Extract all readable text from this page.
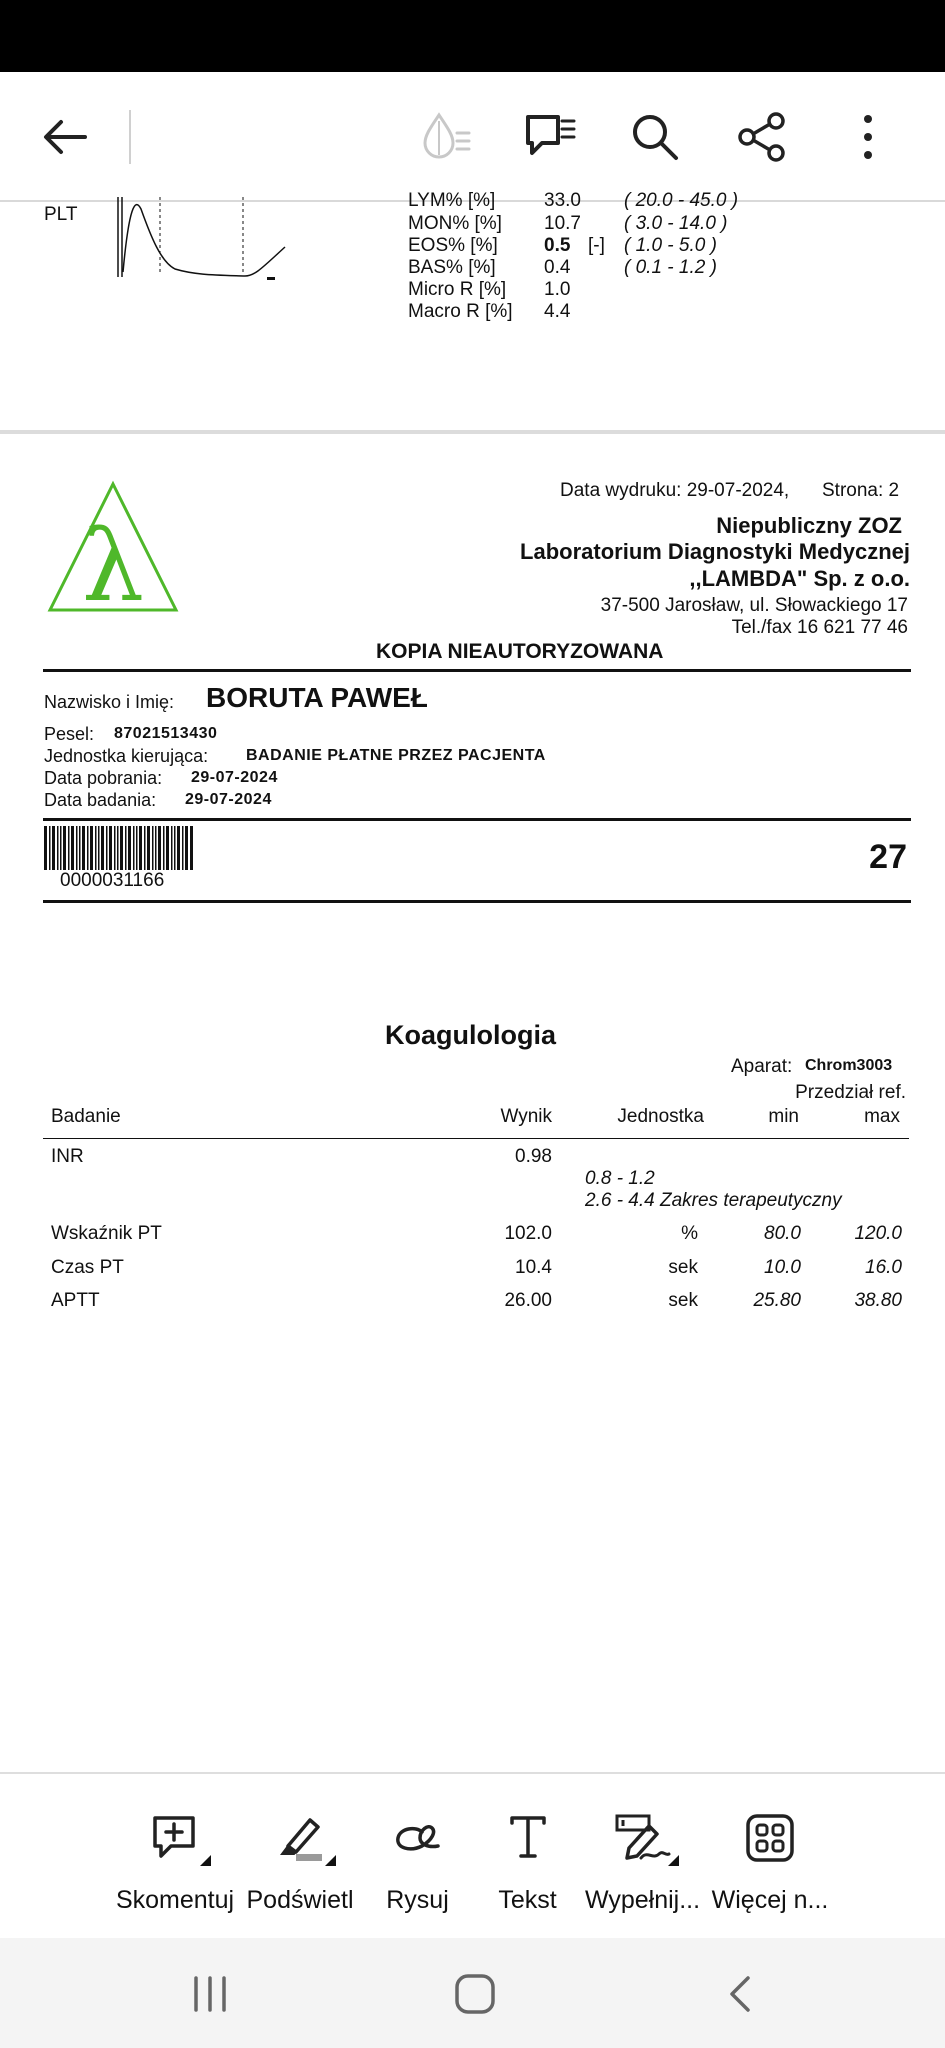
PLT
LYM% [%]	33.0 ( 20.0 - 45.0 )
MON% [%] 10.7 ( 3.0 - 14.0 )
EOS% [%] 0.5 [-] ( 1.0 - 5.0 )
BAS% [%]	0.4	( 0.1 - 1.2 )
Micro R [%] 1.0
Macro R [%] 4.4
Data wydruku: 29-07-2024, Strona: 2
λ	Niepubliczny ZOZ
Laboratorium Diagnostyki Medycznej
,,LAMBDA" Sp. z o.o.
37-500 Jarosław, ul. Słowackiego 17
Tel./fax 16 621 77 46
KOPIA NIEAUTORYZOWANA
Nazwisko i Imię: BORUTA PAWEŁ
Pesel: 87021513430
Jednostka kierująca: BADANIE PŁATNE PRZEZ PACJENTA
Data pobrania: 29-07-2024
Data badania: 29-07-2024
0000031166
27
Koagulologia
Aparat: Chrom3003
Przedział ref.
Badanie	Wynik	Jednostka	min	max
INR	0.98
0.8 - 1.2
2.6 - 4.4 Zakres terapeutyczny
Wskaźnik PT	102.0	%	80.0	120.0
Czas PT	10.4	sek	10.0	16.0
APTT	26.00	sek	25.80	38.80
Skomentuj Podświetl Rysuj Tekst Wypełnij... Więcej n...
